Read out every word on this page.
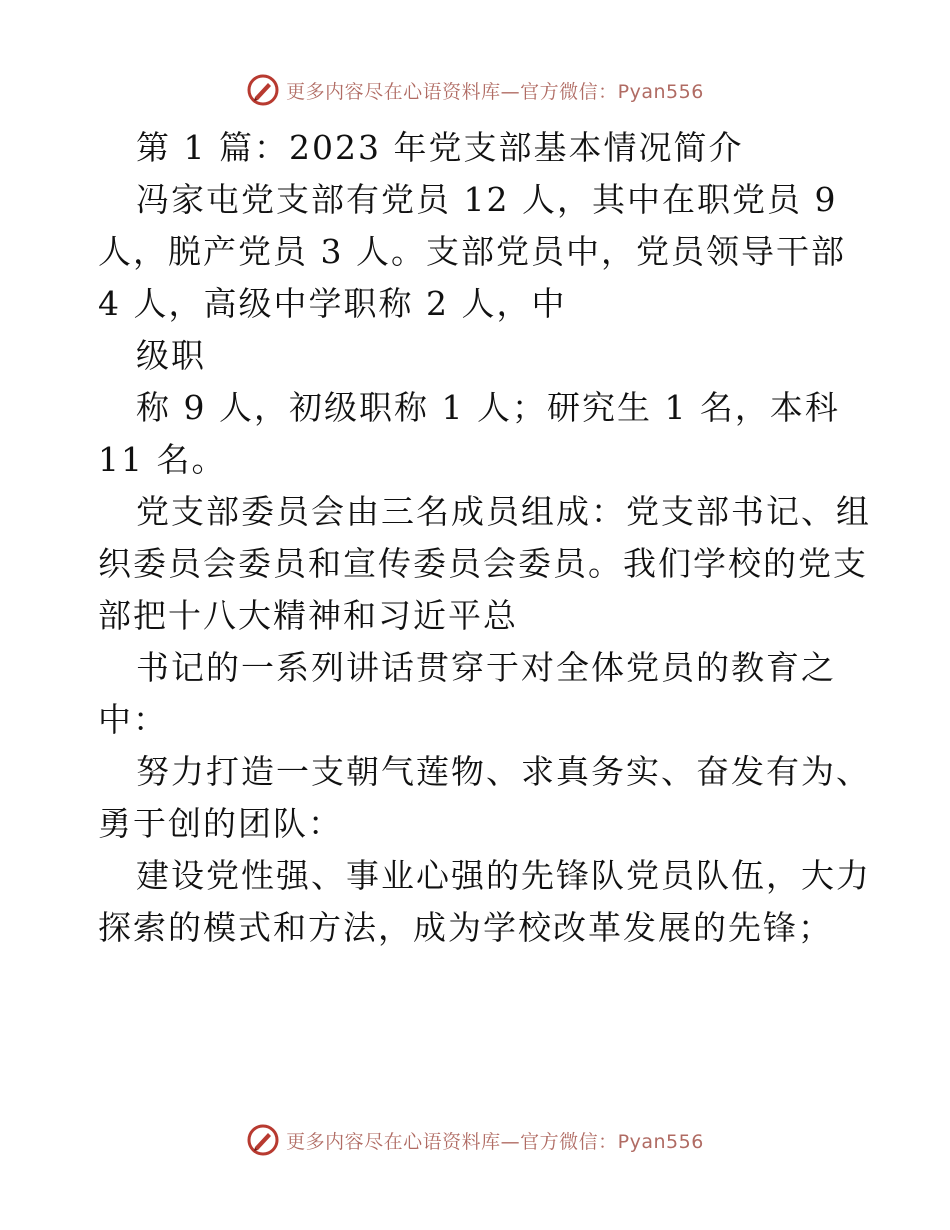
更多内容尽在心语资料库—官方微信：Pyan556
第 1 篇：2023 年党支部基本情况简介
冯家屯党支部有党员 12 人，其中在职党员 9
人，脱产党员 3 人。支部党员中，党员领导干部
4 人，高级中学职称 2 人，中
级职
称 9 人，初级职称 1 人；研究生 1 名，本科
11 名。
党支部委员会由三名成员组成：党支部书记、组
织委员会委员和宣传委员会委员。我们学校的党支
部把十八大精神和习近平总
书记的一系列讲话贯穿于对全体党员的教育之
中：
努力打造一支朝气莲物、求真务实、奋发有为、
勇于创的团队：
建设党性强、事业心强的先锋队党员队伍，大力
探索的模式和方法，成为学校改革发展的先锋；
更多内容尽在心语资料库—官方微信：Pyan556
